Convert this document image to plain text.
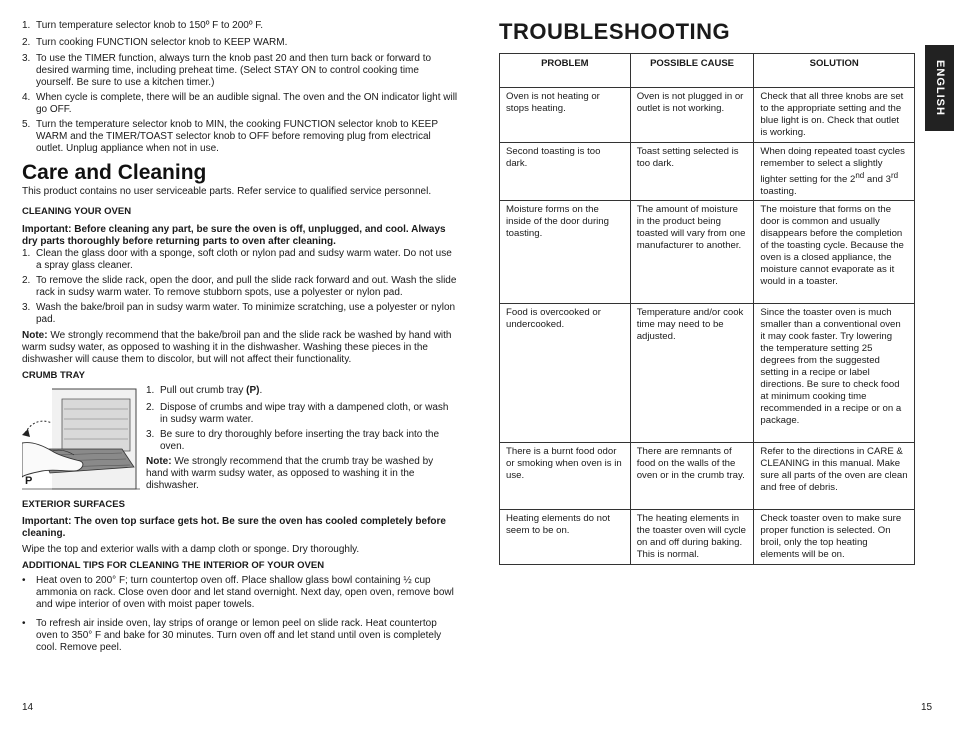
1. Turn temperature selector knob to 150º F to 200º F.
2. Turn cooking FUNCTION selector knob to KEEP WARM.
3. To use the TIMER function, always turn the knob past 20 and then turn back or forward to desired warming time, including preheat time. (Select STAY ON to control cooking time yourself. Be sure to use a kitchen timer.)
4. When cycle is complete, there will be an audible signal. The oven and the ON indicator light will go OFF.
5. Turn the temperature selector knob to MIN, the cooking FUNCTION selector knob to KEEP WARM and the TIMER/TOAST selector knob to OFF before removing plug from electrical outlet. Unplug appliance when not in use.
Care and Cleaning

This product contains no user serviceable parts. Refer service to qualified service personnel.

CLEANING YOUR OVEN

Important: Before cleaning any part, be sure the oven is off, unplugged, and cool. Always dry parts thoroughly before returning parts to oven after cleaning.

1. Clean the glass door with a sponge, soft cloth or nylon pad and sudsy warm water. Do not use a spray glass cleaner.
2. To remove the slide rack, open the door, and pull the slide rack forward and out. Wash the slide rack in sudsy warm water. To remove stubborn spots, use a polyester or nylon pad.
3. Wash the bake/broil pan in sudsy warm water. To minimize scratching, use a polyester or nylon pad.

Note: We strongly recommend that the bake/broil pan and the slide rack be washed by hand with warm sudsy water, as opposed to washing it in the dishwasher. Washing these pieces in the dishwasher will cause them to discolor, but will not affect their functionality.

CRUMB TRAY
P
1. Pull out crumb tray (P).
2. Dispose of crumbs and wipe tray with a dampened cloth, or wash in sudsy warm water.
3. Be sure to dry thoroughly before inserting the tray back into the oven.

Note: We strongly recommend that the crumb tray be washed by hand with warm sudsy water, as opposed to washing it in the dishwasher.

EXTERIOR SURFACES

Important: The oven top surface gets hot. Be sure the oven has cooled completely before cleaning.

Wipe the top and exterior walls with a damp cloth or sponge. Dry thoroughly.

ADDITIONAL TIPS FOR CLEANING THE INTERIOR OF YOUR OVEN
• Heat oven to 200° F; turn countertop oven off. Place shallow glass bowl containing ½ cup ammonia on rack. Close oven door and let stand overnight. Next day, open oven, remove bowl and wipe interior of oven with moist paper towels.
• To refresh air inside oven, lay strips of orange or lemon peel on slide rack. Heat countertop oven to 350° F and bake for 30 minutes. Turn oven off and let stand until oven is completely cool. Remove peel.
14
TROUBLESHOOTING
PROBLEM	POSSIBLE CAUSE	SOLUTION
Oven is not heating or stops heating.	Oven is not plugged in or outlet is not working.	Check that all three knobs are set to the appropriate setting and the blue light is on. Check that outlet is working.
Second toasting is too dark.	Toast setting selected is too dark.	When doing repeated toast cycles remember to select a slightly lighter setting for the 2nd and 3rd toasting.
Moisture forms on the inside of the door during toasting.	The amount of moisture in the product being toasted will vary from one manufacturer to another.	The moisture that forms on the door is common and usually disappears before the completion of the toasting cycle. Because the oven is a closed appliance, the moisture cannot evaporate as it would in a toaster.
Food is overcooked or undercooked.	Temperature and/or cook time may need to be adjusted.	Since the toaster oven is much smaller than a conventional oven it may cook faster. Try lowering the temperature setting 25 degrees from the suggested setting in a recipe or label directions. Be sure to check food at minimum cooking time recommended in a recipe or on a package.
There is a burnt food odor or smoking when oven is in use.	There are remnants of food on the walls of the oven or in the crumb tray.	Refer to the directions in CARE & CLEANING in this manual. Make sure all parts of the oven are clean and free of debris.
Heating elements do not seem to be on.	The heating elements in the toaster oven will cycle on and off during baking. This is normal.	Check toaster oven to make sure proper function is selected. On broil, only the top heating elements will be on.
ENGLISH
15
